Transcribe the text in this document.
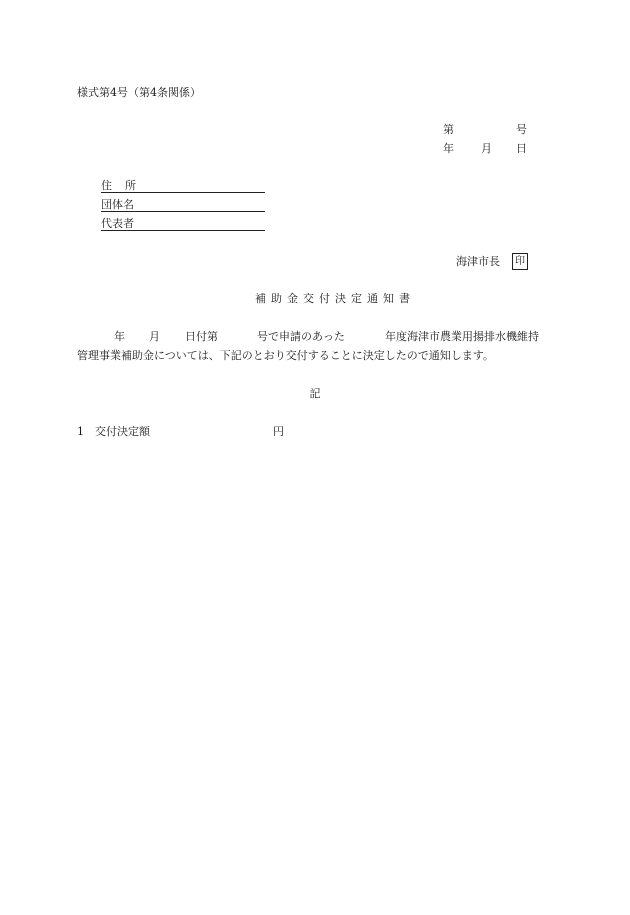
様式第4号（第4条関係）
第	号
年 月 日
住 所
団体名
代表者
海津市長	印
補助金交付決定通知書
年 月 日付第	号で申請のあった	年度海津市農業用揚排水機維持
管理事業補助金については、下記のとおり交付することに決定したので通知します。
記
1 交付決定額	円
